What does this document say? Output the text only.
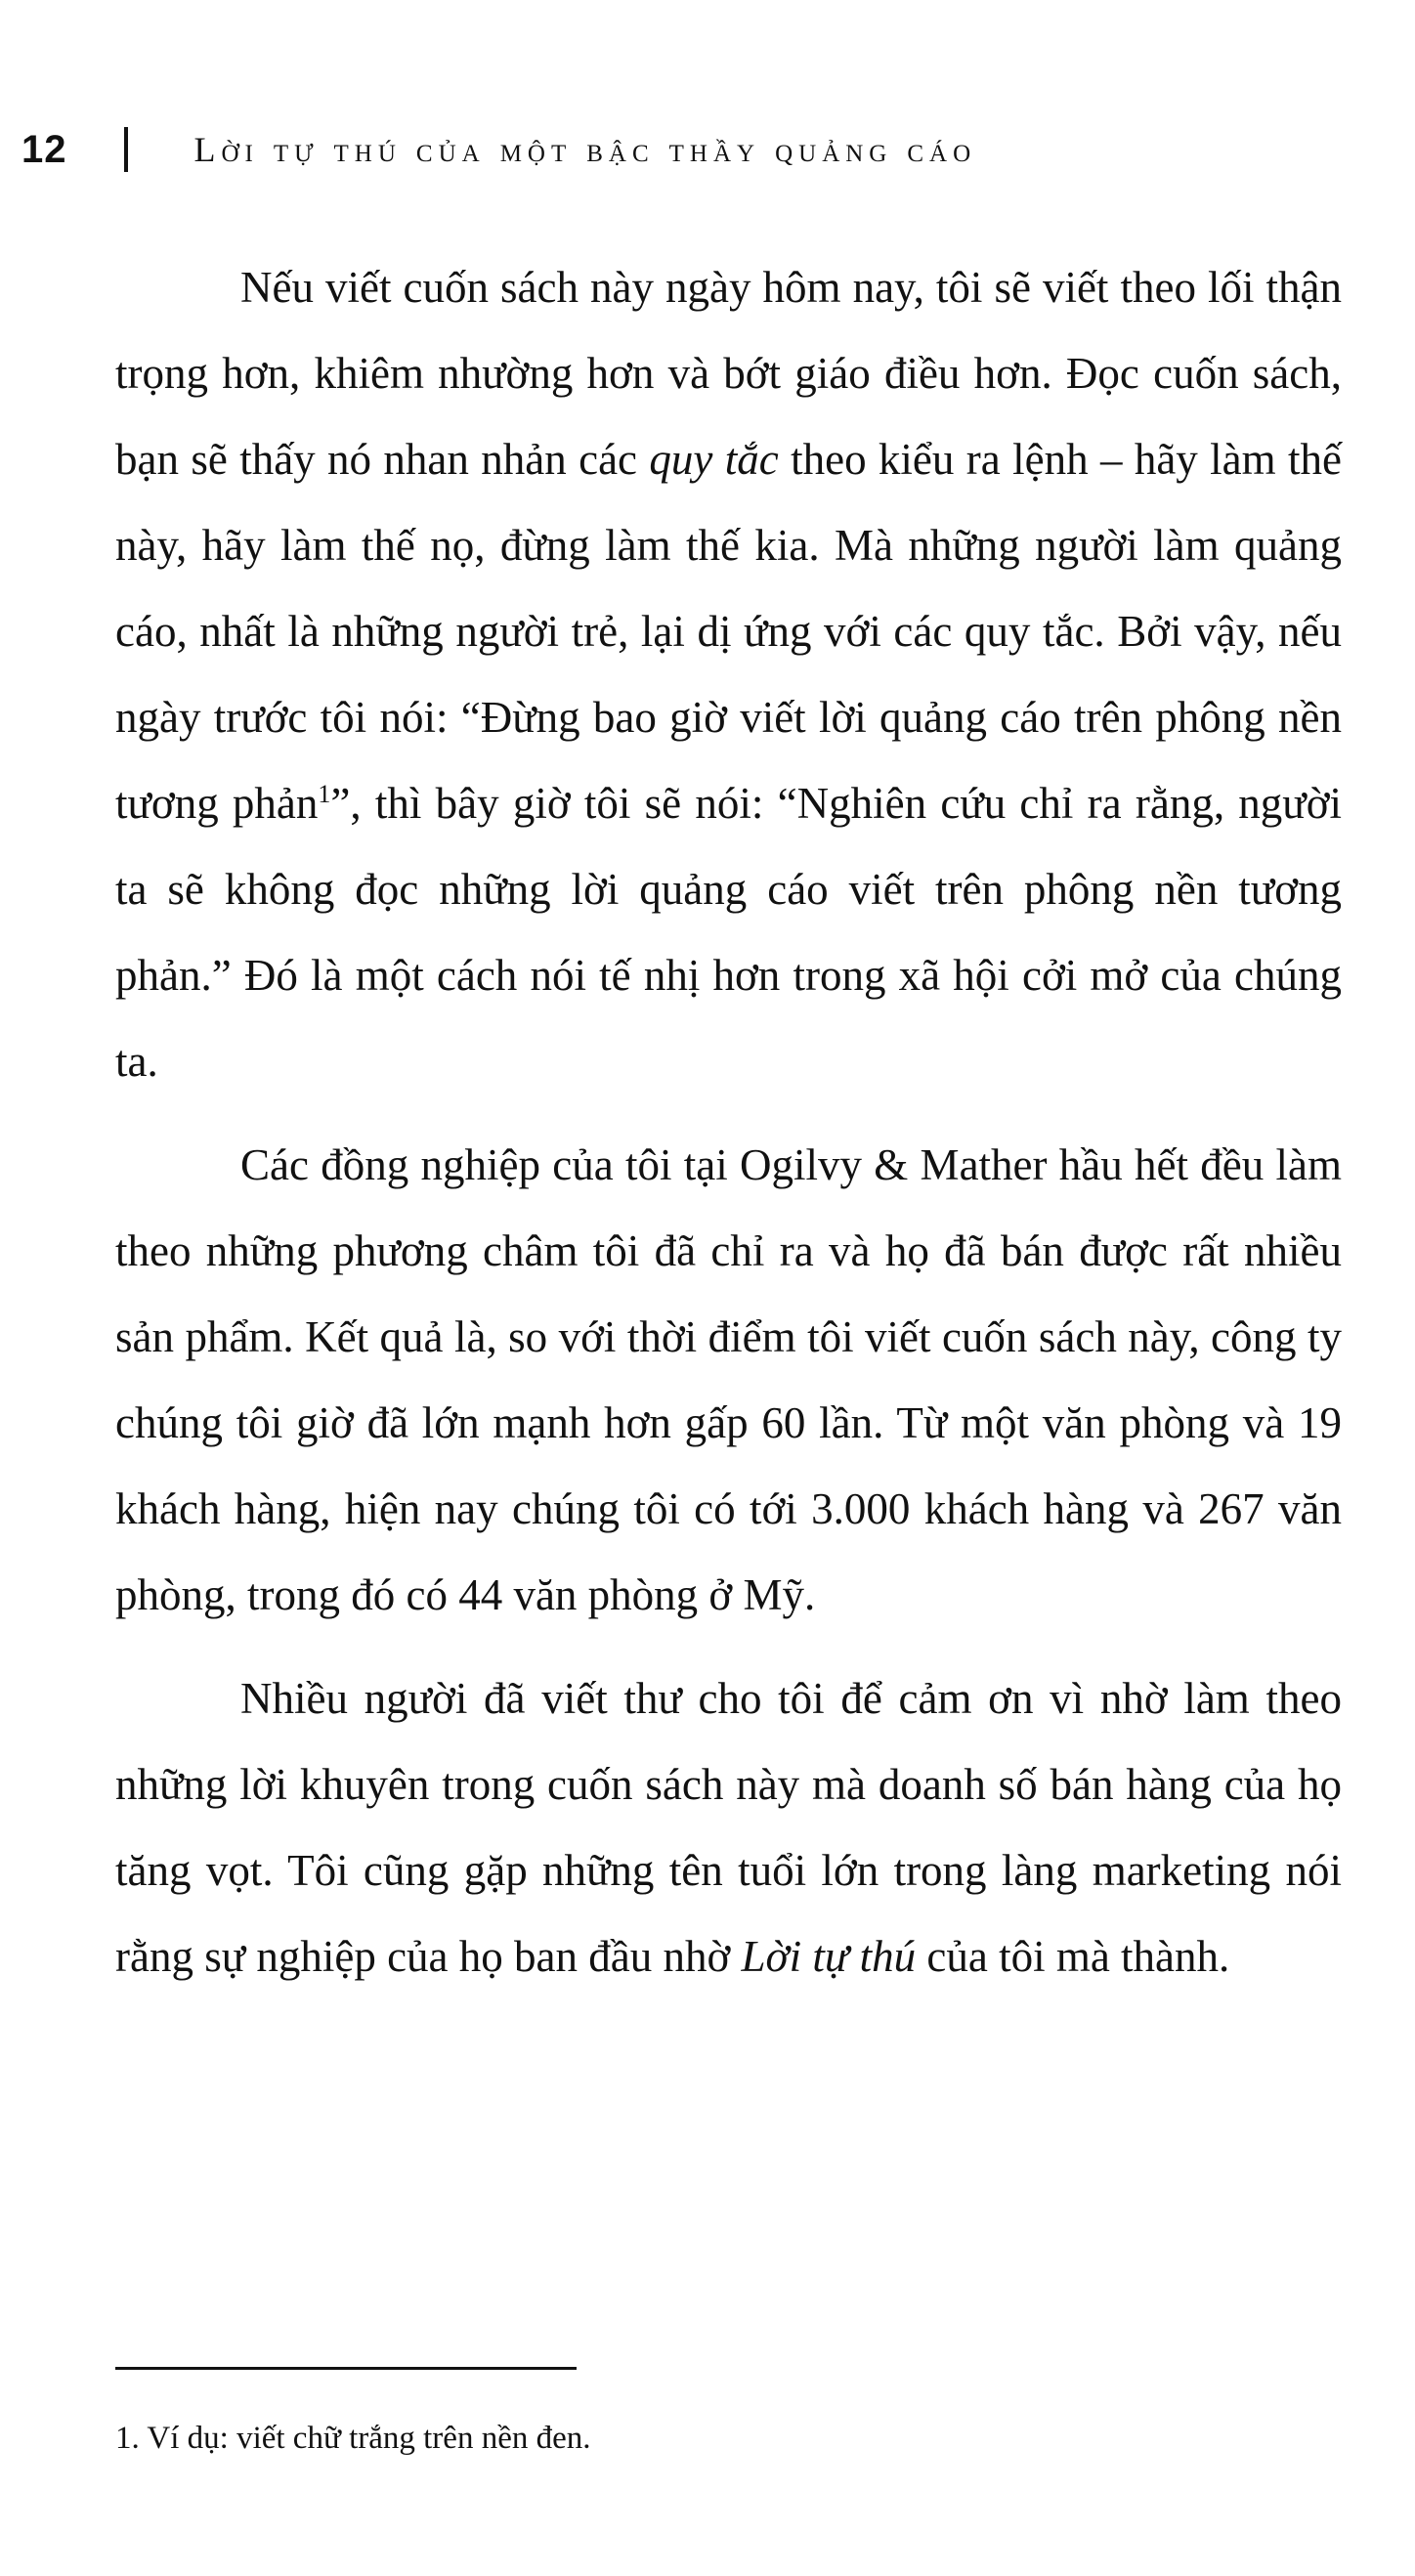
12	Lời tự thú của một bậc thầy quảng cáo

Nếu viết cuốn sách này ngày hôm nay, tôi sẽ viết theo lối thận trọng hơn, khiêm nhường hơn và bớt giáo điều hơn. Đọc cuốn sách, bạn sẽ thấy nó nhan nhản các quy tắc theo kiểu ra lệnh – hãy làm thế này, hãy làm thế nọ, đừng làm thế kia. Mà những người làm quảng cáo, nhất là những người trẻ, lại dị ứng với các quy tắc. Bởi vậy, nếu ngày trước tôi nói: “Đừng bao giờ viết lời quảng cáo trên phông nền tương phản$^1$”, thì bây giờ tôi sẽ nói: “Nghiên cứu chỉ ra rằng, người ta sẽ không đọc những lời quảng cáo viết trên phông nền tương phản.” Đó là một cách nói tế nhị hơn trong xã hội cởi mở của chúng ta.

Các đồng nghiệp của tôi tại Ogilvy & Mather hầu hết đều làm theo những phương châm tôi đã chỉ ra và họ đã bán được rất nhiều sản phẩm. Kết quả là, so với thời điểm tôi viết cuốn sách này, công ty chúng tôi giờ đã lớn mạnh hơn gấp 60 lần. Từ một văn phòng và 19 khách hàng, hiện nay chúng tôi có tới 3.000 khách hàng và 267 văn phòng, trong đó có 44 văn phòng ở Mỹ.

Nhiều người đã viết thư cho tôi để cảm ơn vì nhờ làm theo những lời khuyên trong cuốn sách này mà doanh số bán hàng của họ tăng vọt. Tôi cũng gặp những tên tuổi lớn trong làng marketing nói rằng sự nghiệp của họ ban đầu nhờ Lời tự thú của tôi mà thành.

1. Ví dụ: viết chữ trắng trên nền đen.
